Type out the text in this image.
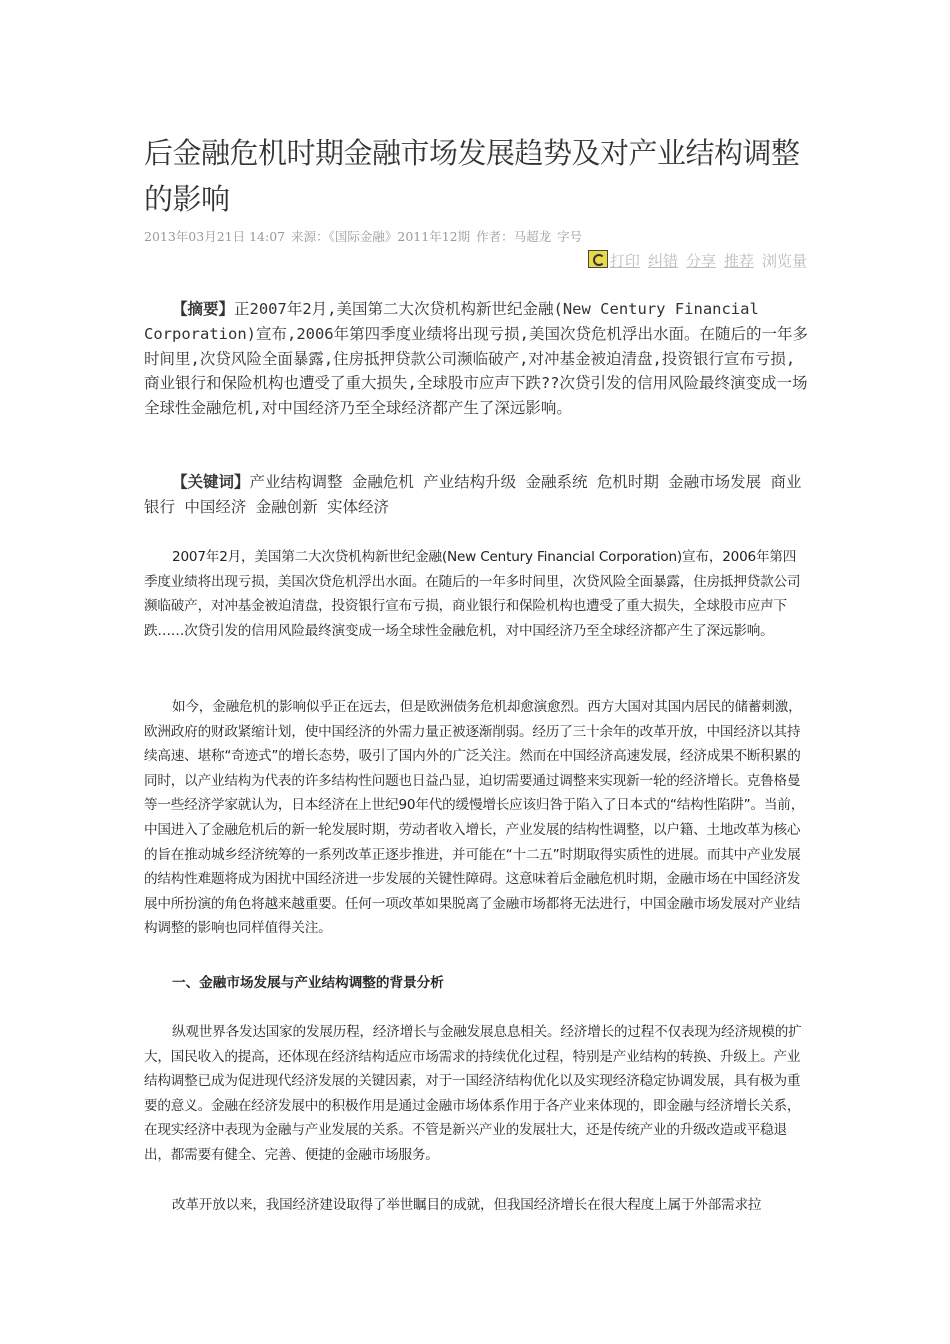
后金融危机时期金融市场发展趋势及对产业结构调整的影响
2013年03月21日 14:07 来源：《国际金融》2011年12期 作者：马超龙 字号
打印 纠错 分享 推荐 浏览量
【摘要】正2007年2月,美国第二大次贷机构新世纪金融(New Century Financial Corporation)宣布,2006年第四季度业绩将出现亏损,美国次贷危机浮出水面。在随后的一年多时间里,次贷风险全面暴露,住房抵押贷款公司濒临破产,对冲基金被迫清盘,投资银行宣布亏损,商业银行和保险机构也遭受了重大损失,全球股市应声下跌??次贷引发的信用风险最终演变成一场全球性金融危机,对中国经济乃至全球经济都产生了深远影响。
【关键词】产业结构调整 金融危机 产业结构升级 金融系统 危机时期 金融市场发展 商业银行 中国经济 金融创新 实体经济

2007年2月，美国第二大次贷机构新世纪金融(New Century Financial Corporation)宣布，2006年第四季度业绩将出现亏损，美国次贷危机浮出水面。在随后的一年多时间里，次贷风险全面暴露，住房抵押贷款公司濒临破产，对冲基金被迫清盘，投资银行宣布亏损，商业银行和保险机构也遭受了重大损失，全球股市应声下跌……次贷引发的信用风险最终演变成一场全球性金融危机，对中国经济乃至全球经济都产生了深远影响。

如今，金融危机的影响似乎正在远去，但是欧洲债务危机却愈演愈烈。西方大国对其国内居民的储蓄刺激，欧洲政府的财政紧缩计划，使中国经济的外需力量正被逐渐削弱。经历了三十余年的改革开放，中国经济以其持续高速、堪称“奇迹式”的增长态势，吸引了国内外的广泛关注。然而在中国经济高速发展，经济成果不断积累的同时，以产业结构为代表的许多结构性问题也日益凸显，迫切需要通过调整来实现新一轮的经济增长。克鲁格曼等一些经济学家就认为，日本经济在上世纪90年代的缓慢增长应该归咎于陷入了日本式的“结构性陷阱”。当前，中国进入了金融危机后的新一轮发展时期，劳动者收入增长，产业发展的结构性调整，以户籍、土地改革为核心的旨在推动城乡经济统筹的一系列改革正逐步推进，并可能在“十二五”时期取得实质性的进展。而其中产业发展的结构性难题将成为困扰中国经济进一步发展的关键性障碍。这意味着后金融危机时期，金融市场在中国经济发展中所扮演的角色将越来越重要。任何一项改革如果脱离了金融市场都将无法进行，中国金融市场发展对产业结构调整的影响也同样值得关注。

一、金融市场发展与产业结构调整的背景分析

纵观世界各发达国家的发展历程，经济增长与金融发展息息相关。经济增长的过程不仅表现为经济规模的扩大，国民收入的提高，还体现在经济结构适应市场需求的持续优化过程，特别是产业结构的转换、升级上。产业结构调整已成为促进现代经济发展的关键因素，对于一国经济结构优化以及实现经济稳定协调发展，具有极为重要的意义。金融在经济发展中的积极作用是通过金融市场体系作用于各产业来体现的，即金融与经济增长关系，在现实经济中表现为金融与产业发展的关系。不管是新兴产业的发展壮大，还是传统产业的升级改造或平稳退出，都需要有健全、完善、便捷的金融市场服务。

改革开放以来，我国经济建设取得了举世瞩目的成就，但我国经济增长在很大程度上属于外部需求拉
